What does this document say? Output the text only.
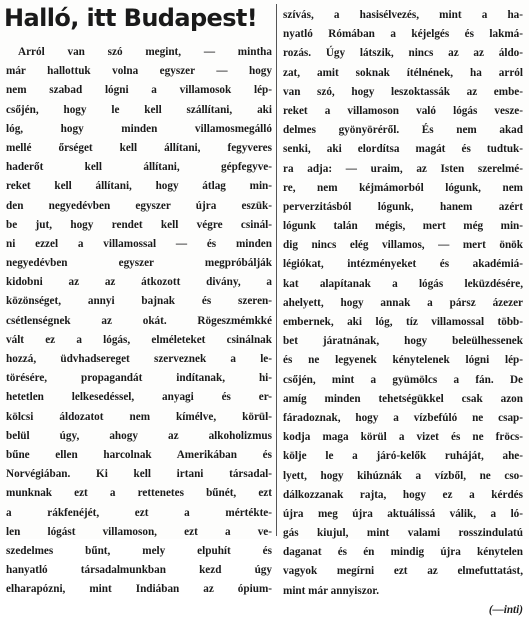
Halló, itt Budapest!
Arról van szó megint, — mintha
már hallottuk volna egyszer — hogy
nem szabad lógni a villamosok lép-
csőjén, hogy le kell szállítani, aki
lóg, hogy minden villamosmegálló
mellé őrséget kell állítani, fegyveres
haderőt kell állítani, gépfegyve-
reket kell állítani, hogy átlag min-
den negyedévben egyszer újra eszük-
be jut, hogy rendet kell végre csinál-
ni ezzel a villamossal — és minden
negyedévben egyszer megpróbálják
kidobni az az átkozott divány, a
közönséget, annyi bajnak és szeren-
csétlenségnek az okát. Rögeszmémkké
vált ez a lógás, elméleteket csinálnak
hozzá, üdvhadsereget szerveznek a le-
törésére, propagandát indítanak, hi-
hetetlen lelkesedéssel, anyagi és er-
kölcsi áldozatot nem kímélve, körül-
belül úgy, ahogy az alkoholizmus
bűne ellen harcolnak Amerikában és
Norvégiában. Ki kell irtani társadal-
munknak ezt a rettenetes bűnét, ezt
a rákfenéjét, ezt a mértékte-
len lógást villamoson, ezt a ve-
szedelmes bűnt, mely elpuhít és
hanyatló társadalmunkban kezd úgy
elharapózni, mint Indiában az ópium-
szívás, a hasisélvezés, mint a ha-
nyatló Rómában a kéjelgés és lakmá-
rozás. Úgy látszik, nincs az az áldo-
zat, amit soknak ítélnének, ha arról
van szó, hogy leszoktassák az embe-
reket a villamoson való lógás vesze-
delmes gyönyöréről. És nem akad
senki, aki elordítsa magát és tudtuk-
ra adja: — uraim, az Isten szerelmé-
re, nem kéjmámorból lógunk, nem
perverzitásból lógunk, hanem azért
lógunk talán mégis, mert még min-
dig nincs elég villamos, — mert önök
légiókat, intézményeket és akadémiá-
kat alapítanak a lógás leküzdésére,
ahelyett, hogy annak a pársz ázezer
embernek, aki lóg, tíz villamossal több-
bet járatnának, hogy beleülhessenek
és ne legyenek kénytelenek lógni lép-
csőjén, mint a gyümölcs a fán. De
amíg minden tehetségükkel csak azon
fáradoznak, hogy a vízbefúló ne csap-
kodja maga körül a vizet és ne fröcs-
kölje le a járó-kelők ruháját, ahe-
lyett, hogy kihúznák a vízből, ne cso-
dálkozzanak rajta, hogy ez a kérdés
újra meg újra aktuálissá válik, a ló-
gás kiujul, mint valami rosszindulatú
daganat és én mindig újra kénytelen
vagyok megírni ezt az elmefuttatást,
mint már annyiszor.
(—inti)
